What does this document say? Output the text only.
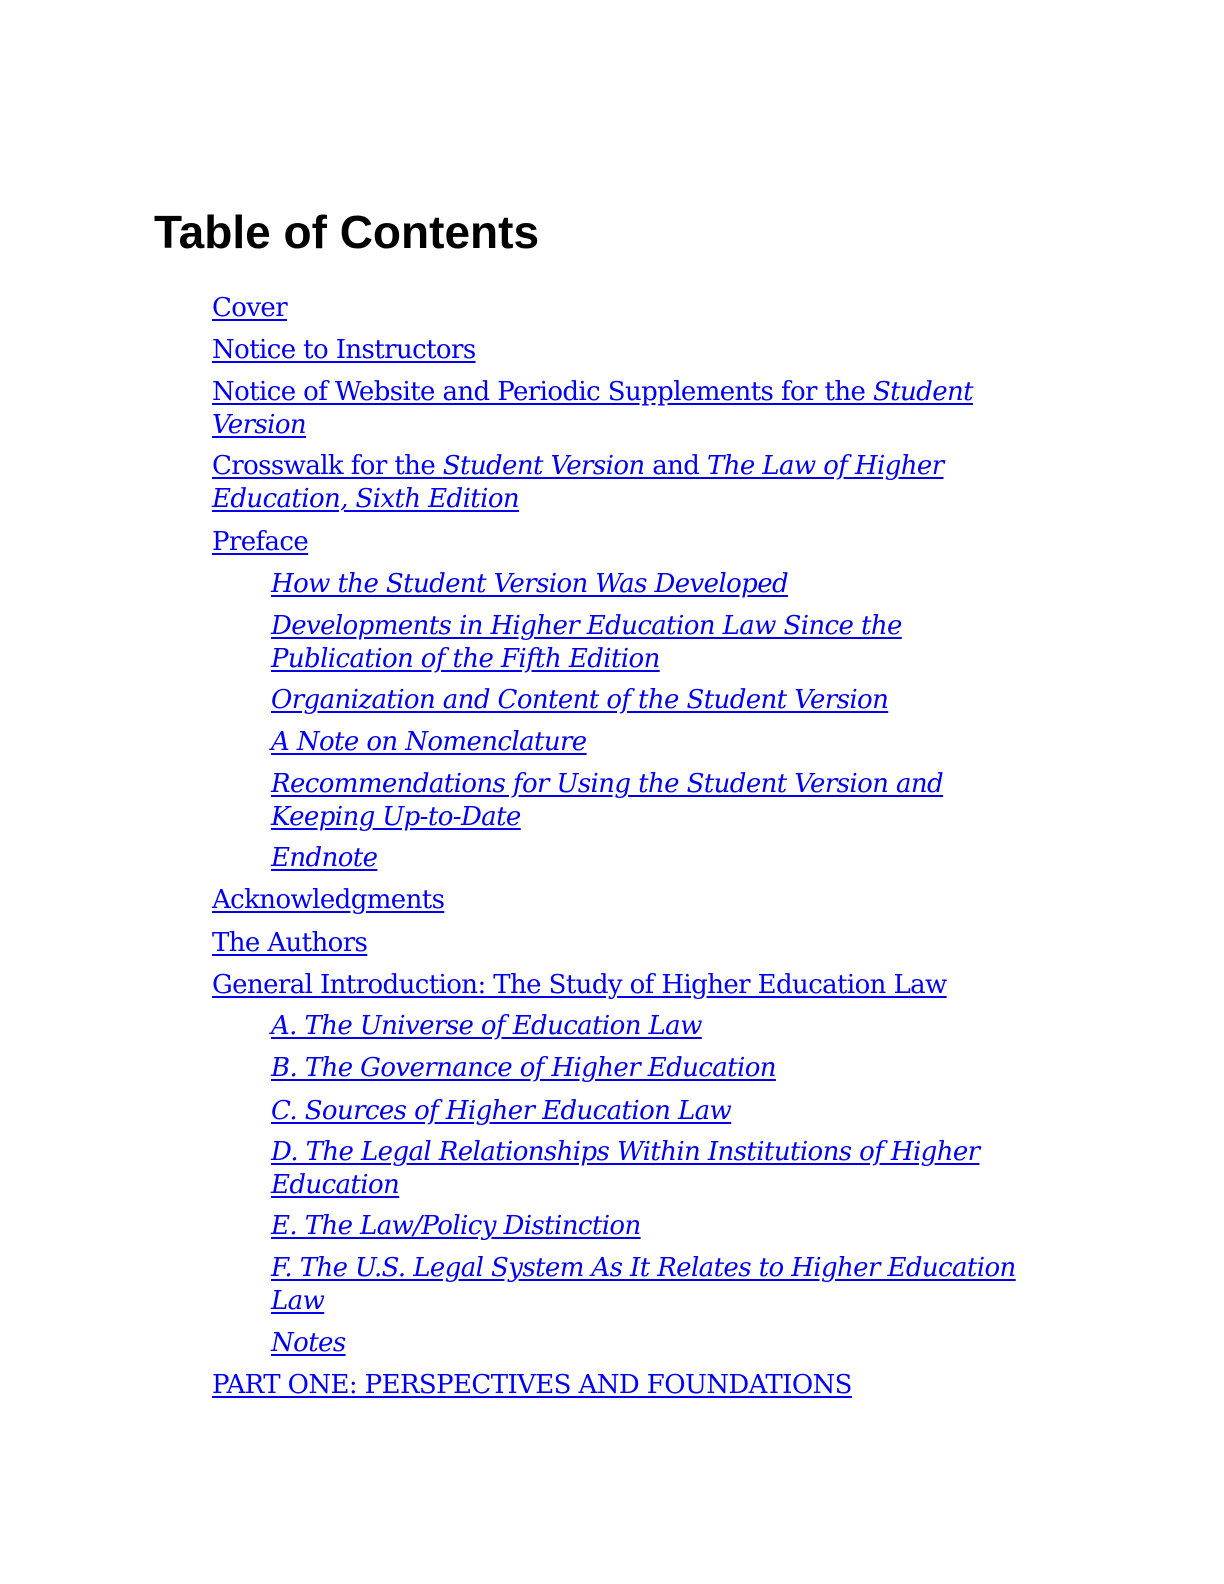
Table of Contents
Cover
Notice to Instructors
Notice of Website and Periodic Supplements for the Student
Version
Crosswalk for the Student Version and The Law of Higher
Education, Sixth Edition
Preface
How the Student Version Was Developed
Developments in Higher Education Law Since the
Publication of the Fifth Edition
Organization and Content of the Student Version
A Note on Nomenclature
Recommendations for Using the Student Version and
Keeping Up-to-Date
Endnote
Acknowledgments
The Authors
General Introduction: The Study of Higher Education Law
A. The Universe of Education Law
B. The Governance of Higher Education
C. Sources of Higher Education Law
D. The Legal Relationships Within Institutions of Higher
Education
E. The Law/Policy Distinction
F. The U.S. Legal System As It Relates to Higher Education
Law
Notes
PART ONE: PERSPECTIVES AND FOUNDATIONS
